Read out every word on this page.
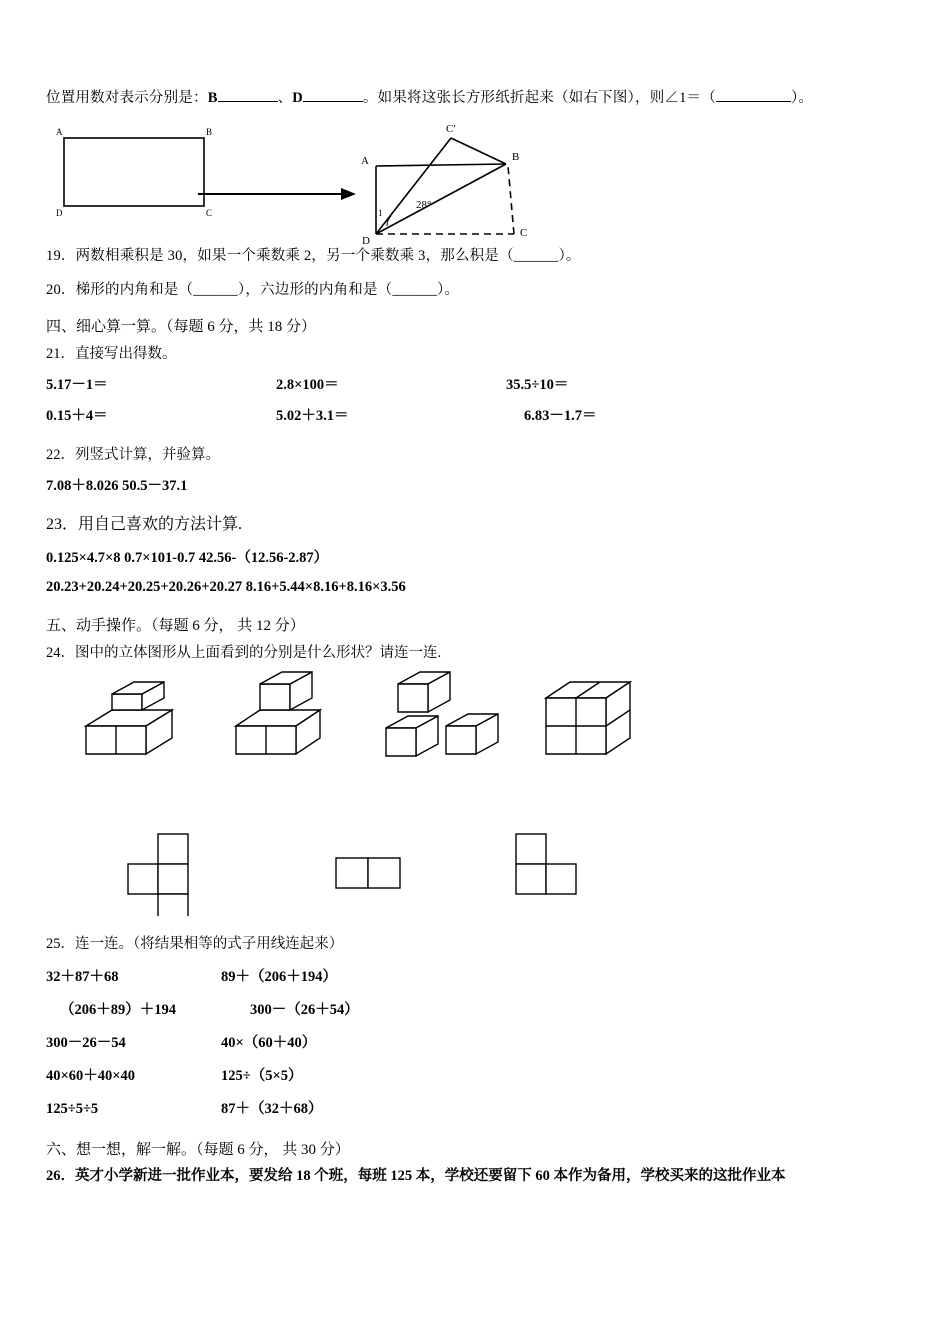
位置用数对表示分别是：B	、D	。如果将这张长方形纸折起来（如右下图），则∠1＝（	）。
A	B
C
D	1
28°
A	B
C
D
C′
19．两数相乘积是 30，如果一个乘数乘 2，另一个乘数乘 3，那么积是（______）。
20．梯形的内角和是（______），六边形的内角和是（______）。
四、细心算一算。（每题 6 分，共 18 分）
21．直接写出得数。
5.17－1＝	2.8×100＝	35.5÷10＝
0.15＋4＝	5.02＋3.1＝	6.83－1.7＝
22．列竖式计算，并验算。
7.08＋8.026 50.5－37.1
23．用自己喜欢的方法计算.
0.125×4.7×8 0.7×101-0.7 42.56-（12.56-2.87）
20.23+20.24+20.25+20.26+20.27 8.16+5.44×8.16+8.16×3.56
五、动手操作。（每题 6 分， 共 12 分）
24．图中的立体图形从上面看到的分别是什么形状？请连一连.
25．连一连。（将结果相等的式子用线连起来）
32＋87＋68	89＋（206＋194）
（206＋89）＋194	300－（26＋54）
300－26－54	40×（60＋40）
40×60＋40×40	125÷（5×5）
125÷5÷5	87＋（32＋68）
六、想一想，解一解。（每题 6 分， 共 30 分）
26．英才小学新进一批作业本，要发给 18 个班，每班 125 本，学校还要留下 60 本作为备用，学校买来的这批作业本
